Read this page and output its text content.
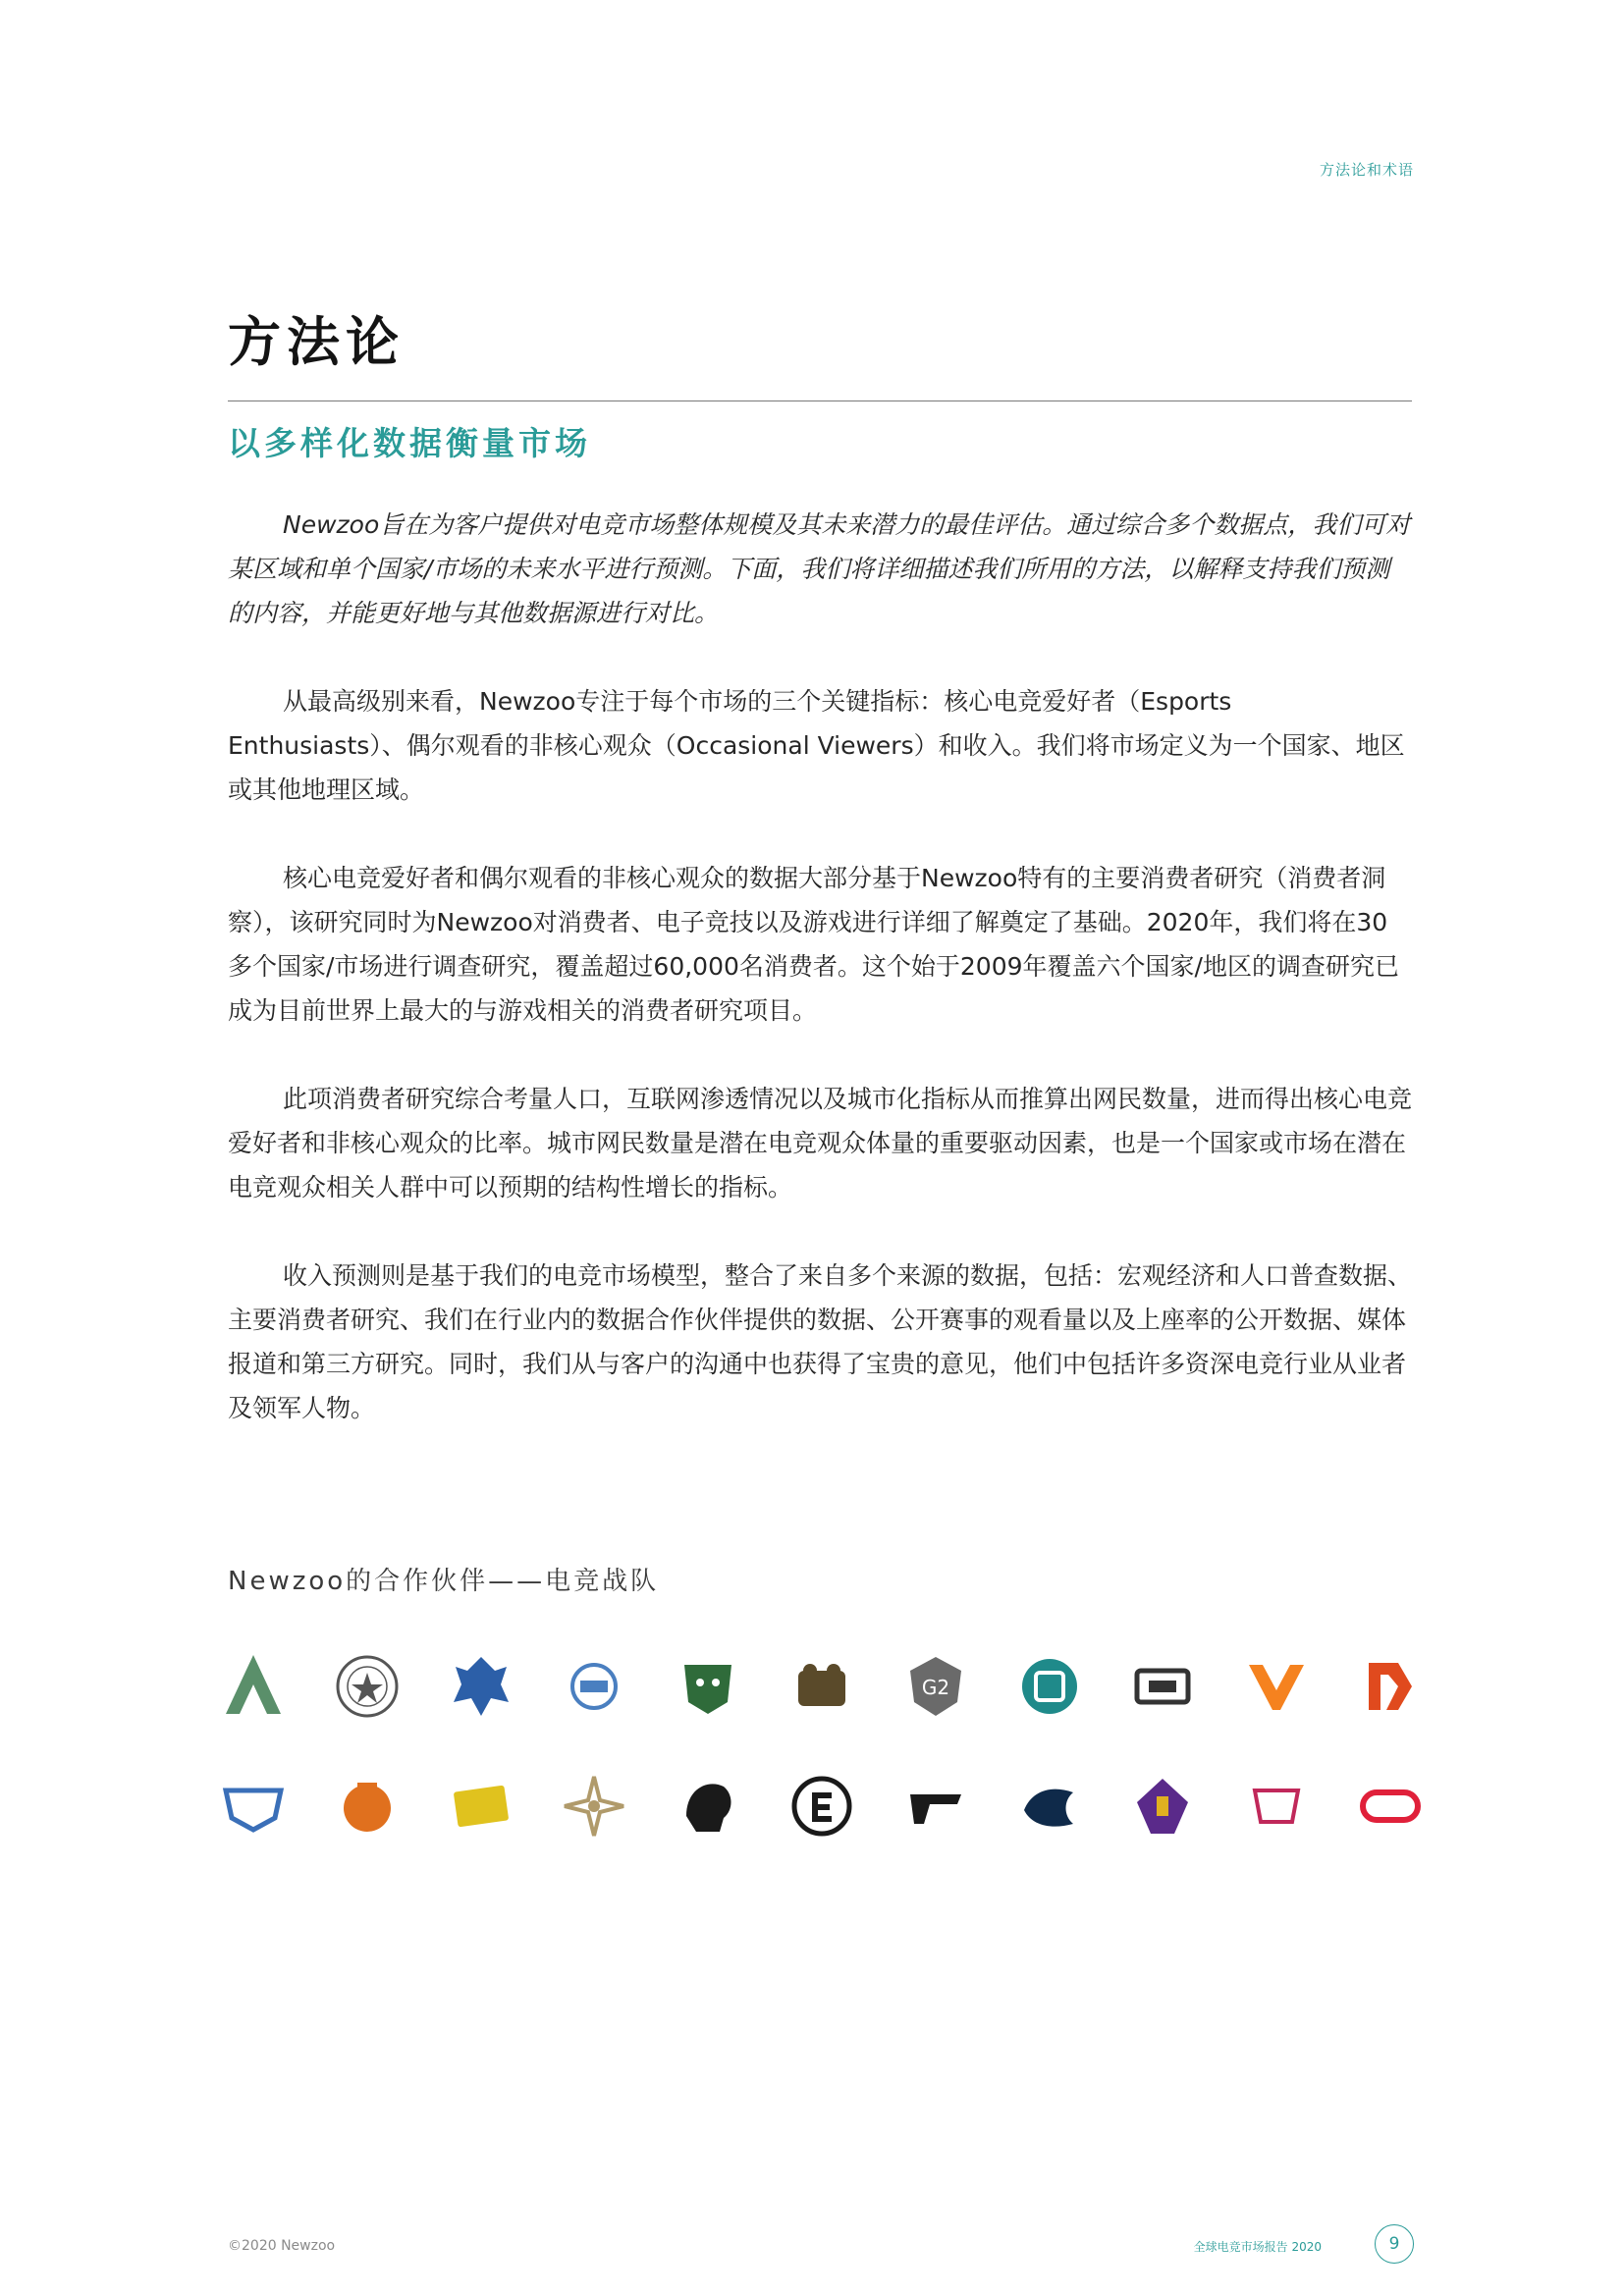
方法论和术语
方法论
以多样化数据衡量市场

Newzoo旨在为客户提供对电竞市场整体规模及其未来潜力的最佳评估。通过综合多个数据点，我们可对某区域和单个国家/市场的未来水平进行预测。下面，我们将详细描述我们所用的方法，以解释支持我们预测的内容，并能更好地与其他数据源进行对比。

从最高级别来看，Newzoo专注于每个市场的三个关键指标：核心电竞爱好者（Esports Enthusiasts）、偶尔观看的非核心观众（Occasional Viewers）和收入。我们将市场定义为一个国家、地区或其他地理区域。

核心电竞爱好者和偶尔观看的非核心观众的数据大部分基于Newzoo特有的主要消费者研究（消费者洞察），该研究同时为Newzoo对消费者、电子竞技以及游戏进行详细了解奠定了基础。2020年，我们将在30多个国家/市场进行调查研究，覆盖超过60,000名消费者。这个始于2009年覆盖六个国家/地区的调查研究已成为目前世界上最大的与游戏相关的消费者研究项目。

此项消费者研究综合考量人口，互联网渗透情况以及城市化指标从而推算出网民数量，进而得出核心电竞爱好者和非核心观众的比率。城市网民数量是潜在电竞观众体量的重要驱动因素，也是一个国家或市场在潜在电竞观众相关人群中可以预期的结构性增长的指标。

收入预测则是基于我们的电竞市场模型，整合了来自多个来源的数据，包括：宏观经济和人口普查数据、主要消费者研究、我们在行业内的数据合作伙伴提供的数据、公开赛事的观看量以及上座率的公开数据、媒体报道和第三方研究。同时，我们从与客户的沟通中也获得了宝贵的意见，他们中包括许多资深电竞行业从业者及领军人物。

Newzoo的合作伙伴——电竞战队
G2
©2020 Newzoo	全球电竞市场报告 2020	9
